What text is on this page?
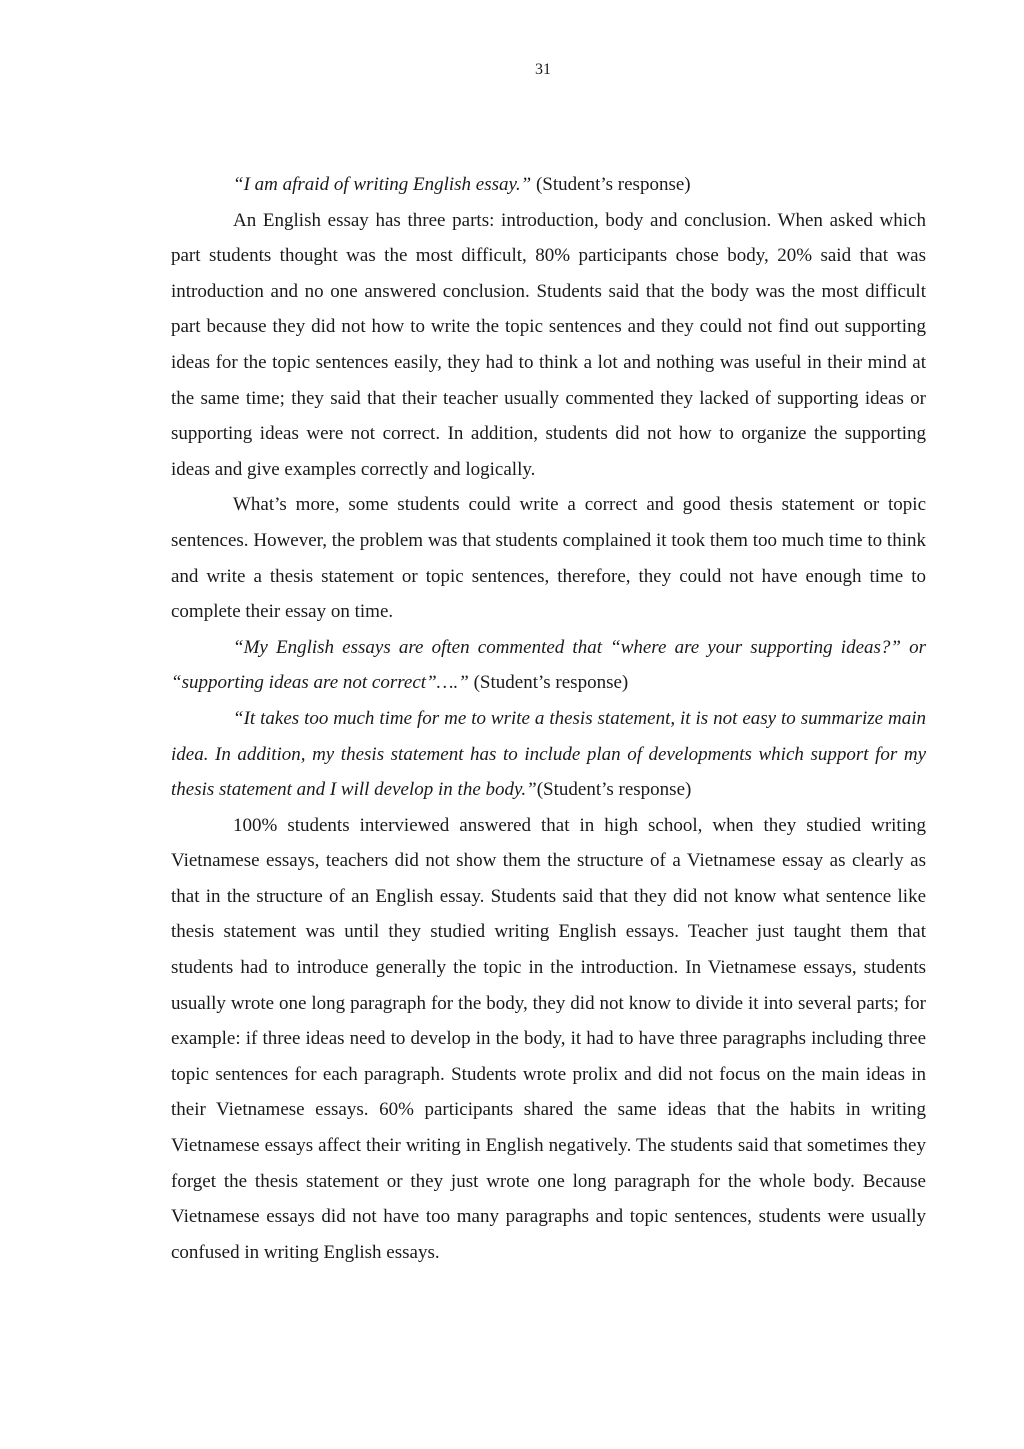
31

“I am afraid of writing English essay.” (Student’s response)

An English essay has three parts: introduction, body and conclusion. When asked which part students thought was the most difficult, 80% participants chose body, 20% said that was introduction and no one answered conclusion. Students said that the body was the most difficult part because they did not how to write the topic sentences and they could not find out supporting ideas for the topic sentences easily, they had to think a lot and nothing was useful in their mind at the same time; they said that their teacher usually commented they lacked of supporting ideas or supporting ideas were not correct. In addition, students did not how to organize the supporting ideas and give examples correctly and logically.

What’s more, some students could write a correct and good thesis statement or topic sentences. However, the problem was that students complained it took them too much time to think and write a thesis statement or topic sentences, therefore, they could not have enough time to complete their essay on time.

“My English essays are often commented that “where are your supporting ideas?” or “supporting ideas are not correct”….” (Student’s response)

“It takes too much time for me to write a thesis statement, it is not easy to summarize main idea. In addition, my thesis statement has to include plan of developments which support for my thesis statement and I will develop in the body.”(Student’s response)

100% students interviewed answered that in high school, when they studied writing Vietnamese essays, teachers did not show them the structure of a Vietnamese essay as clearly as that in the structure of an English essay. Students said that they did not know what sentence like thesis statement was until they studied writing English essays. Teacher just taught them that students had to introduce generally the topic in the introduction. In Vietnamese essays, students usually wrote one long paragraph for the body, they did not know to divide it into several parts; for example: if three ideas need to develop in the body, it had to have three paragraphs including three topic sentences for each paragraph. Students wrote prolix and did not focus on the main ideas in their Vietnamese essays. 60% participants shared the same ideas that the habits in writing Vietnamese essays affect their writing in English negatively. The students said that sometimes they forget the thesis statement or they just wrote one long paragraph for the whole body. Because Vietnamese essays did not have too many paragraphs and topic sentences, students were usually confused in writing English essays.
